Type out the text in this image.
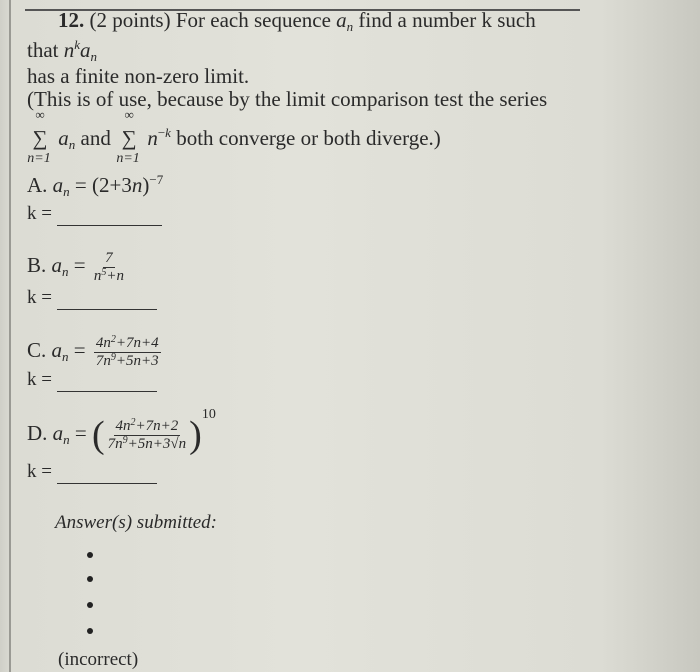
12. (2 points) For each sequence $a_n$ find a number k such
that $n^ka_n$
has a finite non-zero limit.
(This is of use, because by the limit comparison test the series
∞
∑
n=1
$a_n$ and
∞
∑
n=1
$n^{-k}$ both converge or both diverge.)
A. $a_n = (2+3n)^{-7}$
k =
B. $a_n = \frac{7}{n^5+n}$
k =
C. $a_n = \frac{4n^2+7n+4}{7n^9+5n+3}$
k =
D. $a_n$ = ( $\frac{4n^2+7n+2}{7n^9+5n+3√n} )^{10}$
k =
Answer(s) submitted:
(incorrect)
